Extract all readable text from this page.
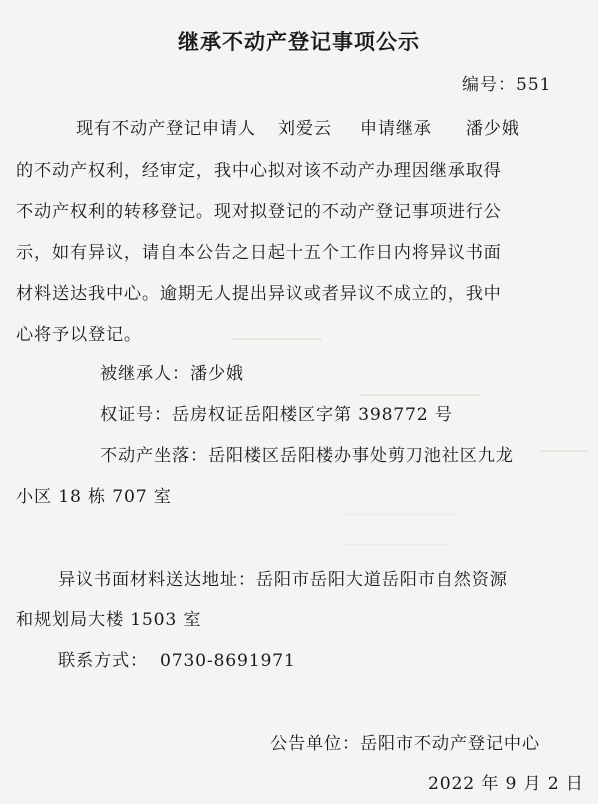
继承不动产登记事项公示
编号：551
现有不动产登记申请人 刘爱云 申请继承 潘少娥
的不动产权利，经审定，我中心拟对该不动产办理因继承取得
不动产权利的转移登记。现对拟登记的不动产登记事项进行公
示，如有异议，请自本公告之日起十五个工作日内将异议书面
材料送达我中心。逾期无人提出异议或者异议不成立的，我中
心将予以登记。
被继承人：潘少娥
权证号：岳房权证岳阳楼区字第 398772 号
不动产坐落：岳阳楼区岳阳楼办事处剪刀池社区九龙
小区 18 栋 707 室
异议书面材料送达地址：岳阳市岳阳大道岳阳市自然资源
和规划局大楼 1503 室
联系方式： 0730-8691971
公告单位：岳阳市不动产登记中心
2022 年 9 月 2 日
